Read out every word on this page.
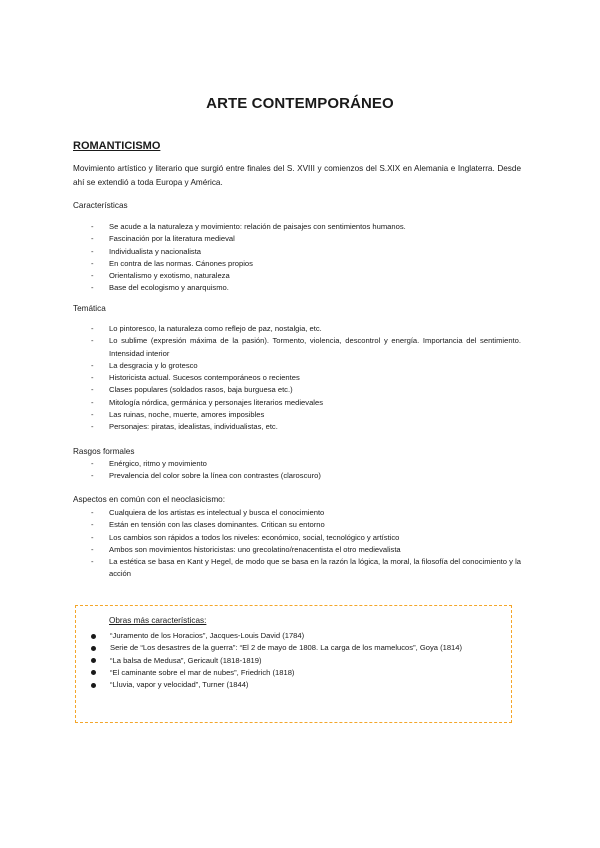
ARTE CONTEMPORÁNEO
ROMANTICISMO
Movimiento artístico y literario que surgió entre finales del S. XVIII y comienzos del S.XIX en Alemania e Inglaterra. Desde ahí se extendió a toda Europa y América.
Características
- Se acude a la naturaleza y movimiento: relación de paisajes con sentimientos humanos.
- Fascinación por la literatura medieval
- Individualista y nacionalista
- En contra de las normas. Cánones propios
- Orientalismo y exotismo, naturaleza
- Base del ecologismo y anarquismo.
Temática
- Lo pintoresco, la naturaleza como reflejo de paz, nostalgia, etc.
- Lo sublime (expresión máxima de la pasión). Tormento, violencia, descontrol y energía. Importancia del sentimiento. Intensidad interior
- La desgracia y lo grotesco
- Historicista actual. Sucesos contemporáneos o recientes
- Clases populares (soldados rasos, baja burguesa etc.)
- Mitología nórdica, germánica y personajes literarios medievales
- Las ruinas, noche, muerte, amores imposibles
- Personajes: piratas, idealistas, individualistas, etc.
Rasgos formales
- Enérgico, ritmo y movimiento
- Prevalencia del color sobre la línea con contrastes (claroscuro)
Aspectos en común con el neoclasicismo:
- Cualquiera de los artistas es intelectual y busca el conocimiento
- Están en tensión con las clases dominantes. Critican su entorno
- Los cambios son rápidos a todos los niveles: económico, social, tecnológico y artístico
- Ambos son movimientos historicistas: uno grecolatino/renacentista el otro medievalista
- La estética se basa en Kant y Hegel, de modo que se basa en la razón la lógica, la moral, la filosofía del conocimiento y la acción
Obras más características:
“Juramento de los Horacios”, Jacques-Louis David (1784)
Serie de “Los desastres de la guerra”: “El 2 de mayo de 1808. La carga de los mamelucos”, Goya (1814)
“La balsa de Medusa”, Gericault (1818-1819)
“El caminante sobre el mar de nubes”, Friedrich (1818)
“Lluvia, vapor y velocidad”, Turner (1844)
